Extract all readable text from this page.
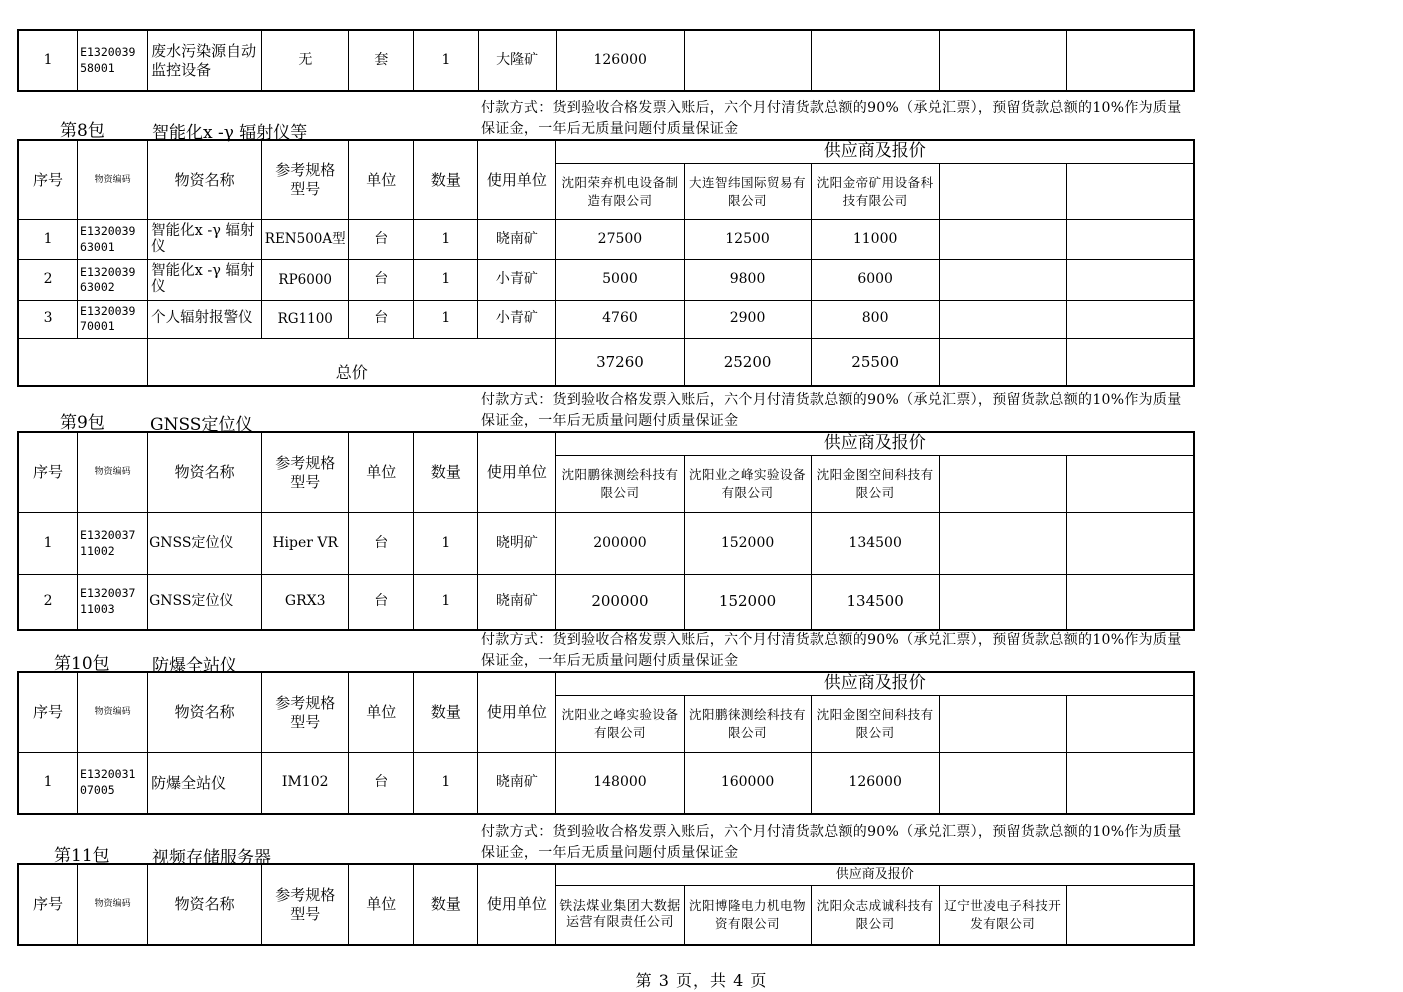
1	E1320039 58001	废水污染源自动监控设备	无	套	1	大隆矿	126000			
第8包	智能化x -γ 辐射仪等
付款方式：货到验收合格发票入账后，六个月付清货款总额的90%（承兑汇票），预留货款总额的10%作为质量保证金，一年后无质量问题付质量保证金
序号	物资编码	物资名称	参考规格型号	单位	数量	使用单位	供应商及报价				
							沈阳荣弃机电设备制造有限公司	大连智纬国际贸易有限公司	沈阳金帝矿用设备科技有限公司		
1	E1320039 63001	智能化x -γ 辐射仪	REN500A型	台	1	晓南矿	27500	12500	11000		
2	E1320039 63002	智能化x -γ 辐射仪	RP6000	台	1	小青矿	5000	9800	6000		
3	E1320039 70001	个人辐射报警仪	RG1100	台	1	小青矿	4760	2900	800		
		总价					37260	25200	25500		
第9包	GNSS定位仪
付款方式：货到验收合格发票入账后，六个月付清货款总额的90%（承兑汇票），预留货款总额的10%作为质量保证金，一年后无质量问题付质量保证金
序号	物资编码	物资名称	参考规格型号	单位	数量	使用单位	供应商及报价				
							沈阳鹏徕测绘科技有限公司	沈阳业之峰实验设备有限公司	沈阳金图空间科技有限公司		
1	E1320037 11002	GNSS定位仪	Hiper VR	台	1	晓明矿	200000	152000	134500		
2	E1320037 11003	GNSS定位仪	GRX3	台	1	晓南矿	200000	152000	134500		
第10包 防爆全站仪
付款方式：货到验收合格发票入账后，六个月付清货款总额的90%（承兑汇票），预留货款总额的10%作为质量保证金，一年后无质量问题付质量保证金
序号	物资编码	物资名称	参考规格型号	单位	数量	使用单位	供应商及报价				
							沈阳业之峰实验设备有限公司	沈阳鹏徕测绘科技有限公司	沈阳金图空间科技有限公司		
1	E1320031 07005	防爆全站仪	IM102	台	1	晓南矿	148000	160000	126000		
第11包 视频存储服务器
付款方式：货到验收合格发票入账后，六个月付清货款总额的90%（承兑汇票），预留货款总额的10%作为质量保证金，一年后无质量问题付质量保证金
序号	物资编码	物资名称	参考规格型号	单位	数量	使用单位	供应商及报价				
							铁法煤业集团大数据运营有限责任公司	沈阳博隆电力机电物资有限公司	沈阳众志成诚科技有限公司	辽宁世凌电子科技开发有限公司	
第 3 页，共 4 页
